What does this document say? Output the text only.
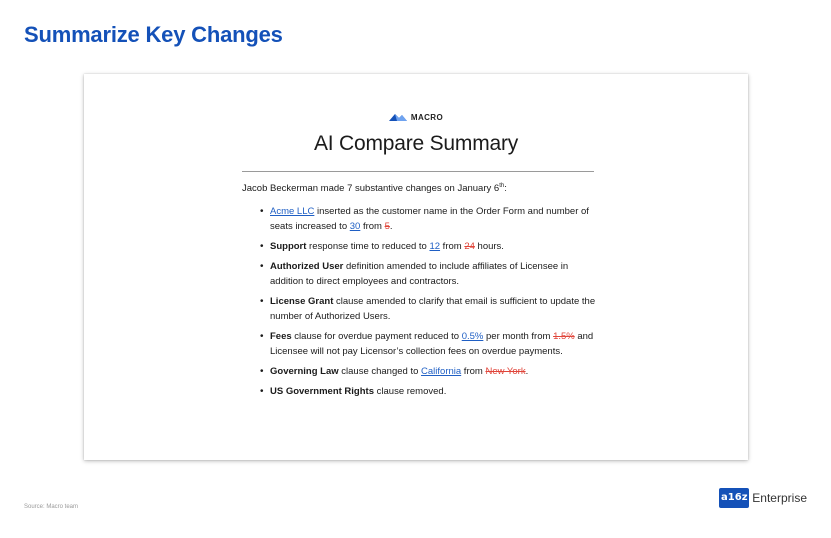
Summarize Key Changes
MACRO
AI Compare Summary
Jacob Beckerman made 7 substantive changes on January 6th:
• Acme LLC inserted as the customer name in the Order Form and number of seats increased to 30 from 5.
• Support response time to reduced to 12 from 24 hours.
• Authorized User definition amended to include affiliates of Licensee in addition to direct employees and contractors.
• License Grant clause amended to clarify that email is sufficient to update the number of Authorized Users.
• Fees clause for overdue payment reduced to 0.5% per month from 1.5% and Licensee will not pay Licensor’s collection fees on overdue payments.
• Governing Law clause changed to California from New York.
• US Government Rights clause removed.
Source: Macro team
a16z Enterprise
